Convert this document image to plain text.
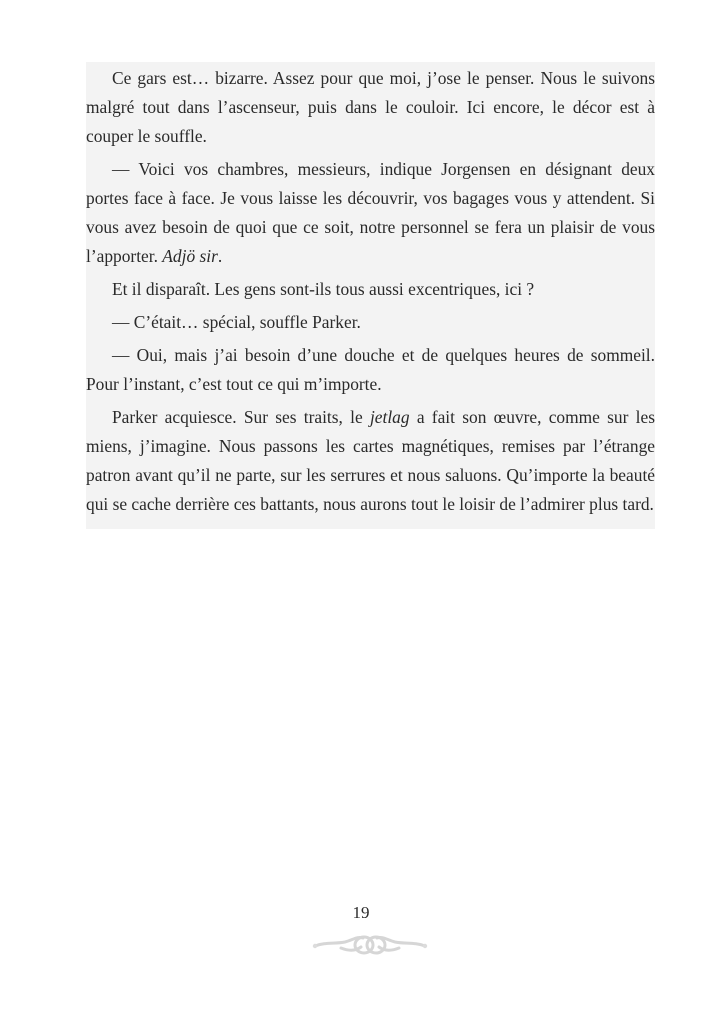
Ce gars est… bizarre. Assez pour que moi, j’ose le penser. Nous le suivons malgré tout dans l’ascenseur, puis dans le couloir. Ici encore, le décor est à couper le souffle.

— Voici vos chambres, messieurs, indique Jorgensen en désignant deux portes face à face. Je vous laisse les découvrir, vos bagages vous y attendent. Si vous avez besoin de quoi que ce soit, notre personnel se fera un plaisir de vous l’apporter. Adjö sir.

Et il disparaît. Les gens sont-ils tous aussi excentriques, ici ?

— C’était… spécial, souffle Parker.

— Oui, mais j’ai besoin d’une douche et de quelques heures de sommeil. Pour l’instant, c’est tout ce qui m’importe.

Parker acquiesce. Sur ses traits, le jetlag a fait son œuvre, comme sur les miens, j’imagine. Nous passons les cartes magnétiques, remises par l’étrange patron avant qu’il ne parte, sur les serrures et nous saluons. Qu’importe la beauté qui se cache derrière ces battants, nous aurons tout le loisir de l’admirer plus tard.

19
